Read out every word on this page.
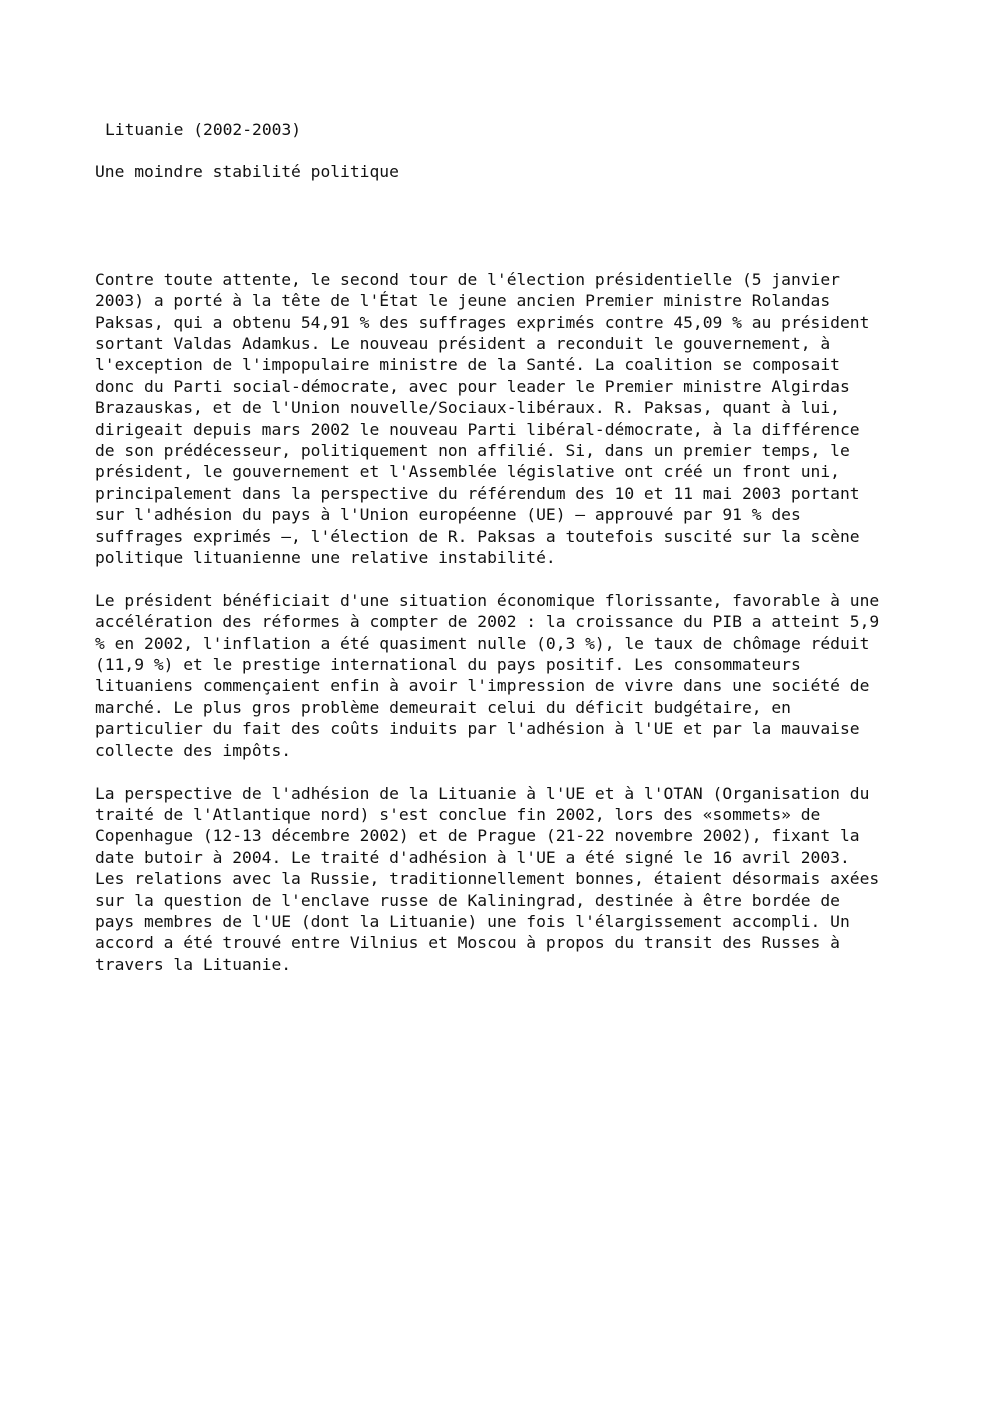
Lituanie (2002-2003)
Une moindre stabilité politique

Contre toute attente, le second tour de l'élection présidentielle (5 janvier
2003) a porté à la tête de l'État le jeune ancien Premier ministre Rolandas
Paksas, qui a obtenu 54,91 % des suffrages exprimés contre 45,09 % au président
sortant Valdas Adamkus. Le nouveau président a reconduit le gouvernement, à
l'exception de l'impopulaire ministre de la Santé. La coalition se composait
donc du Parti social-démocrate, avec pour leader le Premier ministre Algirdas
Brazauskas, et de l'Union nouvelle/Sociaux-libéraux. R. Paksas, quant à lui,
dirigeait depuis mars 2002 le nouveau Parti libéral-démocrate, à la différence
de son prédécesseur, politiquement non affilié. Si, dans un premier temps, le
président, le gouvernement et l'Assemblée législative ont créé un front uni,
principalement dans la perspective du référendum des 10 et 11 mai 2003 portant
sur l'adhésion du pays à l'Union européenne (UE) – approuvé par 91 % des
suffrages exprimés –, l'élection de R. Paksas a toutefois suscité sur la scène
politique lituanienne une relative instabilité.

Le président bénéficiait d'une situation économique florissante, favorable à une
accélération des réformes à compter de 2002 : la croissance du PIB a atteint 5,9
% en 2002, l'inflation a été quasiment nulle (0,3 %), le taux de chômage réduit
(11,9 %) et le prestige international du pays positif. Les consommateurs
lituaniens commençaient enfin à avoir l'impression de vivre dans une société de
marché. Le plus gros problème demeurait celui du déficit budgétaire, en
particulier du fait des coûts induits par l'adhésion à l'UE et par la mauvaise
collecte des impôts.

La perspective de l'adhésion de la Lituanie à l'UE et à l'OTAN (Organisation du
traité de l'Atlantique nord) s'est conclue fin 2002, lors des «sommets» de
Copenhague (12-13 décembre 2002) et de Prague (21-22 novembre 2002), fixant la
date butoir à 2004. Le traité d'adhésion à l'UE a été signé le 16 avril 2003.
Les relations avec la Russie, traditionnellement bonnes, étaient désormais axées
sur la question de l'enclave russe de Kaliningrad, destinée à être bordée de
pays membres de l'UE (dont la Lituanie) une fois l'élargissement accompli. Un
accord a été trouvé entre Vilnius et Moscou à propos du transit des Russes à
travers la Lituanie.
